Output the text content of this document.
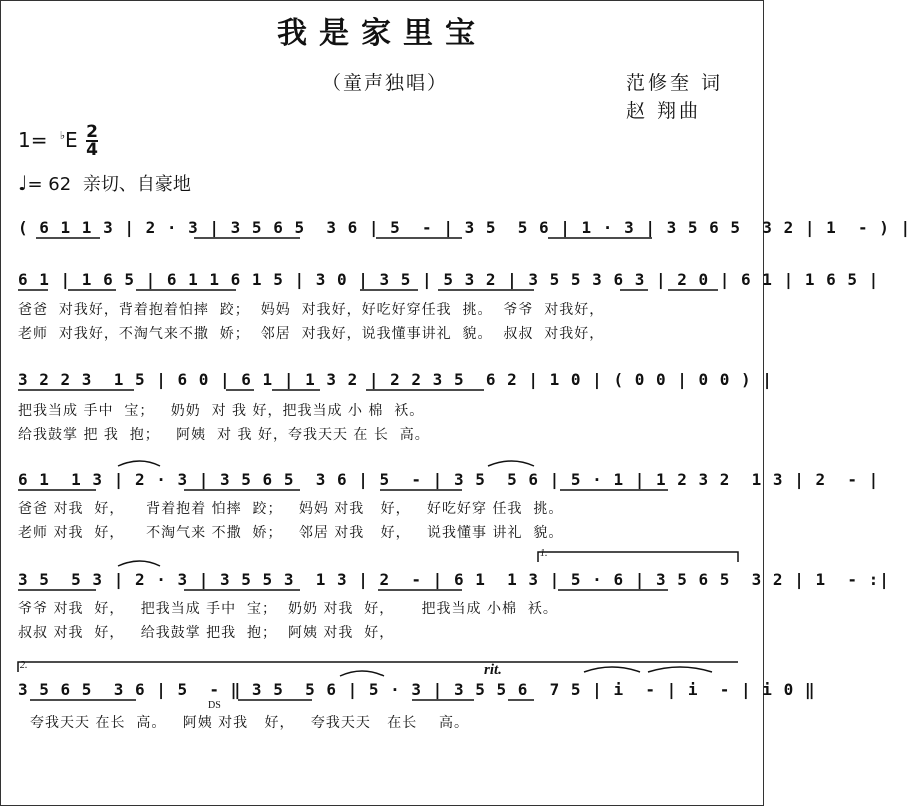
我是家里宝
（童声独唱）	范修奎 词
赵 翔曲
1= ♭E 2
4
♩= 62 亲切、自豪地
( 6 1 1 3 | 2 · 3 | 3 5 6 5  3 6 | 5  - | 3 5  5 6 | 1 · 3 | 3 5 6 5  3 2 | 1  - ) |
6 1 | 1 6 5 | 6 1 1 6 1 5 | 3 0 | 3 5 | 5 3 2 | 3 5 5 3 6 3 | 2 0 | 6 1 | 1 6 5 |
爸爸  对我好，背着抱着怕摔  跤；  妈妈  对我好，好吃好穿任我  挑。  爷爷  对我好，
老师  对我好，不淘气来不撒  娇；  邻居  对我好，说我懂事讲礼  貌。  叔叔  对我好，
3 2 2 3  1 5 | 6 0 | 6 1 | 1 3 2 | 2 2 3 5  6 2 | 1 0 | ( 0 0 | 0 0 ) |
把我当成 手中  宝；   奶奶  对 我 好，把我当成 小 棉  袄。
给我鼓掌 把 我  抱；   阿姨  对 我 好，夸我天天 在 长  高。
6 1  1 3 | 2 · 3 | 3 5 6 5  3 6 | 5  - | 3 5  5 6 | 5 · 1 | 1 2 3 2  1 3 | 2  - |
爸爸 对我  好，    背着抱着 怕摔  跤；   妈妈 对我   好，   好吃好穿 任我  挑。
老师 对我  好，    不淘气来 不撒  娇；   邻居 对我   好，   说我懂事 讲礼  貌。
1.
3 5  5 3 | 2 · 3 | 3 5 5 3  1 3 | 2  - | 6 1  1 3 | 5 · 6 | 3 5 6 5  3 2 | 1  - :|
爷爷 对我  好，   把我当成 手中  宝；  奶奶 对我  好，     把我当成 小棉  袄。
叔叔 对我  好，   给我鼓掌 把我  抱；  阿姨 对我  好，
2.	rit.
3 5 6 5  3 6 | 5  - ‖ 3 5  5 6 | 5 · 3 | 3 5 5 6  7 5 | i  - | i  - | i 0 ‖
DS
夸我天天 在长  高。   阿姨 对我   好，   夸我天天   在长    高。
